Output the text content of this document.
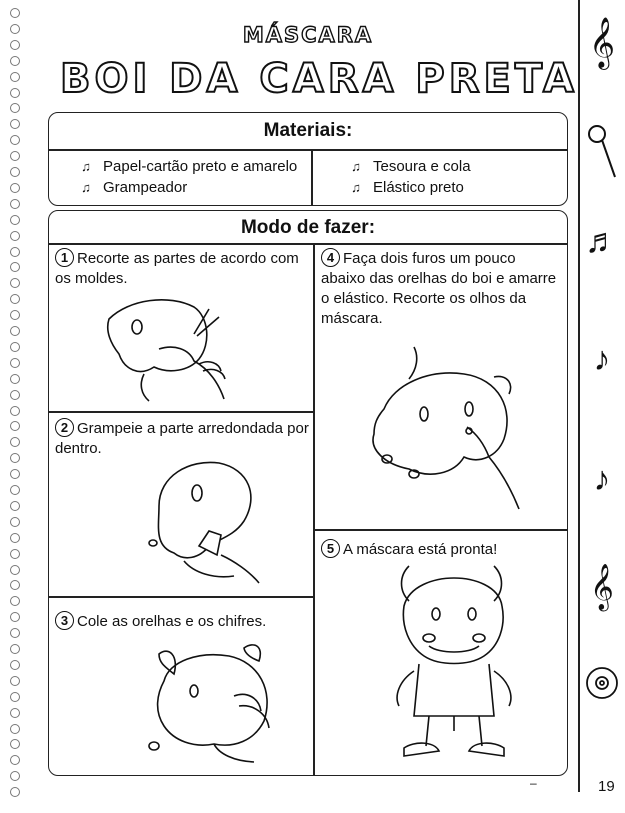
MÁSCARA
BOI DA CARA PRETA
Materiais:
♫ Papel-cartão preto e amarelo
♫ Grampeador
♫ Tesoura e cola
♫ Elástico preto
Modo de fazer:
1 Recorte as partes de acordo com os moldes.
2 Grampeie a parte arredondada por dentro.
3 Cole as orelhas e os chifres.
4 Faça dois furos um pouco abaixo das orelhas do boi e amarre o elástico. Recorte os olhos da máscara.
5 A máscara está pronta!
𝄞
♬
♪
♪
𝄞
–	19
